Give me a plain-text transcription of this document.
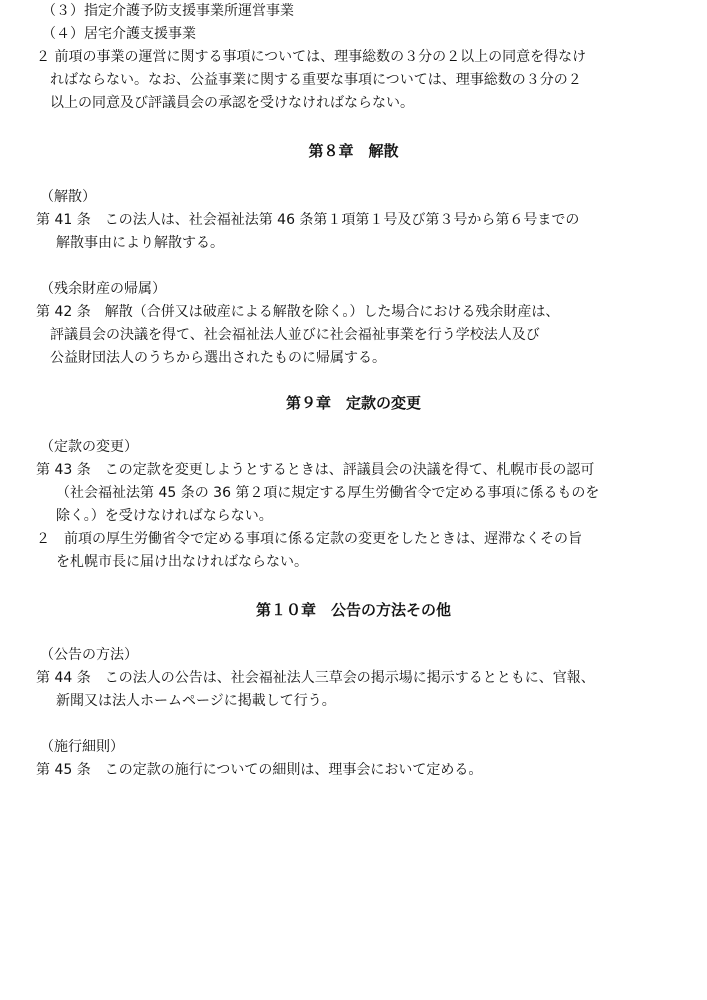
（３）指定介護予防支援事業所運営事業
（４）居宅介護支援事業
２ 前項の事業の運営に関する事項については、理事総数の３分の２以上の同意を得なけ
ればならない。なお、公益事業に関する重要な事項については、理事総数の３分の２
以上の同意及び評議員会の承認を受けなければならない。
第８章　解散
（解散）
第 41 条　この法人は、社会福祉法第 46 条第１項第１号及び第３号から第６号までの
解散事由により解散する。
（残余財産の帰属）
第 42 条　解散（合併又は破産による解散を除く。）した場合における残余財産は、
評議員会の決議を得て、社会福祉法人並びに社会福祉事業を行う学校法人及び
公益財団法人のうちから選出されたものに帰属する。
第９章　定款の変更
（定款の変更）
第 43 条　この定款を変更しようとするときは、評議員会の決議を得て、札幌市長の認可
（社会福祉法第 45 条の 36 第２項に規定する厚生労働省令で定める事項に係るものを
除く。）を受けなければならない。
２　前項の厚生労働省令で定める事項に係る定款の変更をしたときは、遅滞なくその旨
を札幌市長に届け出なければならない。
第１０章　公告の方法その他
（公告の方法）
第 44 条　この法人の公告は、社会福祉法人三草会の掲示場に掲示するとともに、官報、
新聞又は法人ホームページに掲載して行う。
（施行細則）
第 45 条　この定款の施行についての細則は、理事会において定める。
